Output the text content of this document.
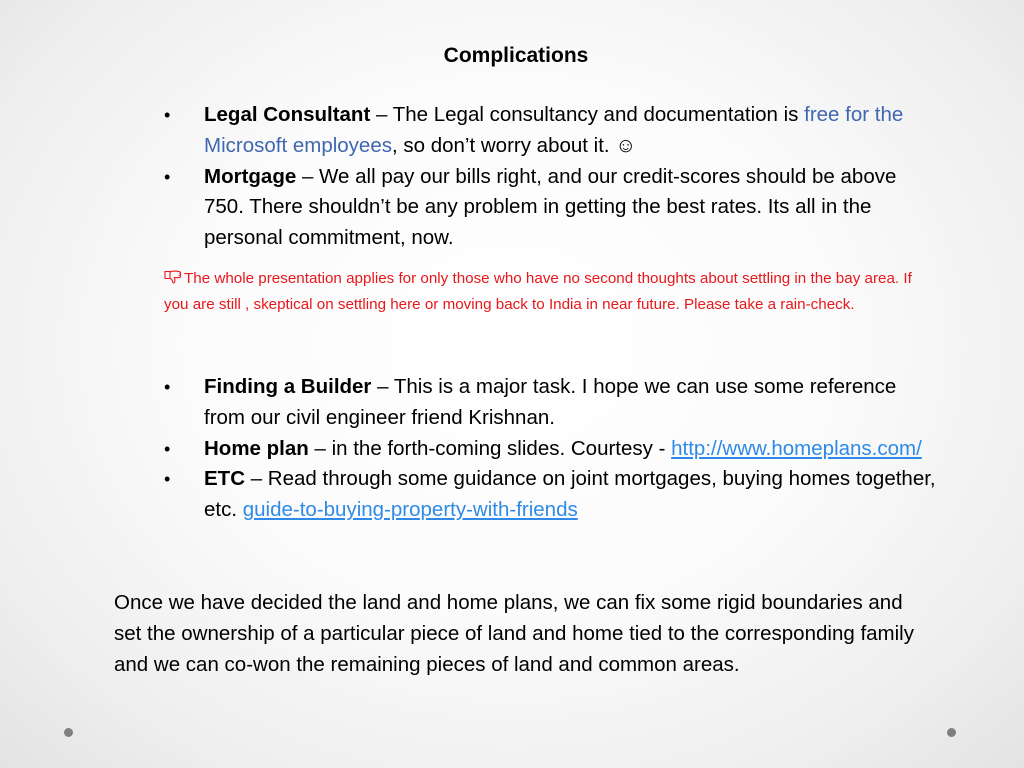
Complications
• Legal Consultant – The Legal consultancy and documentation is free for the Microsoft employees, so don’t worry about it. ☺
• Mortgage – We all pay our bills right, and our credit-scores should be above 750. There shouldn’t be any problem in getting the best rates. Its all in the personal commitment, now.
The whole presentation applies for only those who have no second thoughts about settling in the bay area. If you are still , skeptical on settling here or moving back to India in near future. Please take a rain-check.
• Finding a Builder – This is a major task. I hope we can use some reference from our civil engineer friend Krishnan.
• Home plan – in the forth-coming slides. Courtesy - http://www.homeplans.com/
• ETC – Read through some guidance on joint mortgages, buying homes together, etc. guide-to-buying-property-with-friends
Once we have decided the land and home plans, we can fix some rigid boundaries and set the ownership of a particular piece of land and home tied to the corresponding family and we can co-won the remaining pieces of land and common areas.
